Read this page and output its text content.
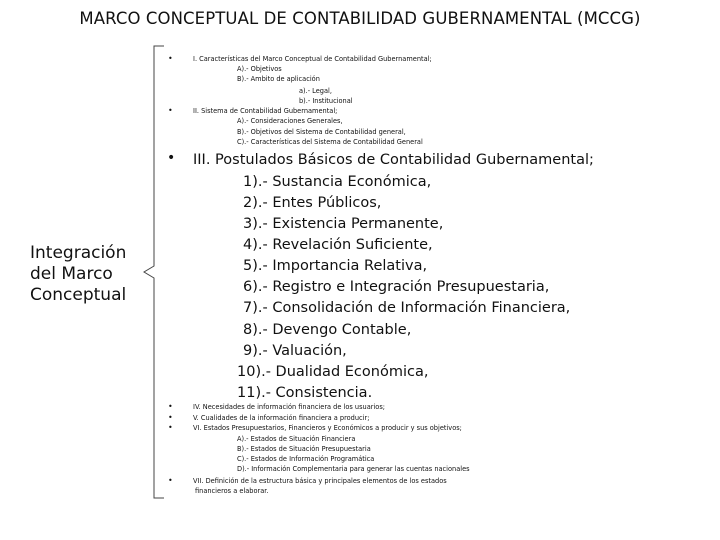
MARCO CONCEPTUAL DE CONTABILIDAD GUBERNAMENTAL (MCCG)
Integración del Marco Conceptual
•	I. Características del Marco Conceptual de Contabilidad Gubernamental;
A).- Objetivos
B).- Ambito de aplicación
a).- Legal,
b).- Institucional
•	II. Sistema de Contabilidad Gubernamental;
A).- Consideraciones Generales,
B).- Objetivos del Sistema de Contabilidad general,
C).- Características del Sistema de Contabilidad General
• III. Postulados Básicos de Contabilidad Gubernamental;
1).- Sustancia Económica,
2).- Entes Públicos,
3).- Existencia Permanente,
4).- Revelación Suficiente,
5).- Importancia Relativa,
6).- Registro e Integración Presupuestaria,
7).- Consolidación de Información Financiera,
8).- Devengo Contable,
9).- Valuación,
10).- Dualidad Económica,
11).- Consistencia.
•	IV. Necesidades de información financiera de los usuarios;
•	V. Cualidades de la información financiera a producir;
•	VI. Estados Presupuestarios, Financieros y Económicos a producir y sus objetivos;
A).- Estados de Situación Financiera
B).- Estados de Situación Presupuestaria
C).- Estados de Información Programática
D).- Información Complementaria para generar las cuentas nacionales
•	VII. Definición de la estructura básica y principales elementos de los estados
financieros a elaborar.
